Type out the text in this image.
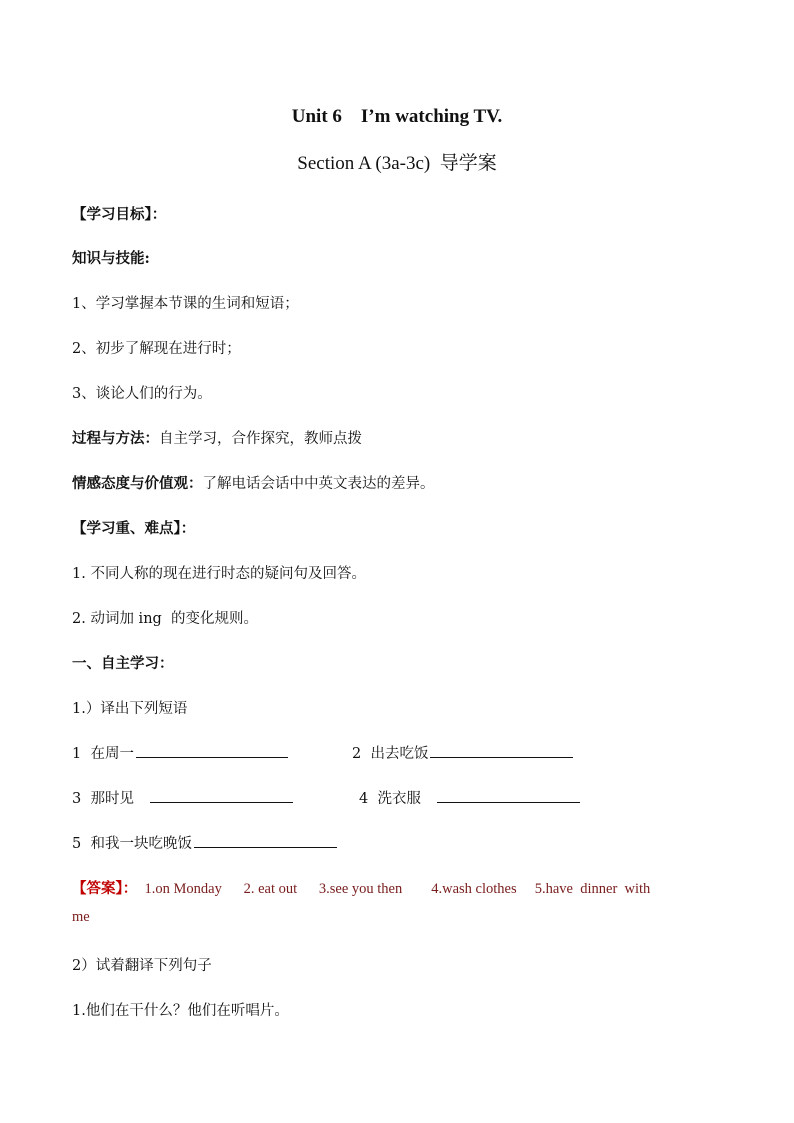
Unit 6    I’m watching TV.
Section A (3a-3c)  导学案
【学习目标】：
知识与技能:
1、学习掌握本节课的生词和短语；
2、初步了解现在进行时；
3、谈论人们的行为。
过程与方法：自主学习，合作探究，教师点拨
情感态度与价值观：了解电话会话中中英文表达的差异。
【学习重、难点】：
1. 不同人称的现在进行时态的疑问句及回答。
2. 动词加 ing  的变化规则。
一、自主学习：
1.）译出下列短语
1  在周一	2  出去吃饭
3  那时见	4  洗衣服
5  和我一块吃晚饭
【答案】：  1.on Monday      2. eat out      3.see you then        4.wash clothes     5.have  dinner  with
me
2）试着翻译下列句子
1.他们在干什么？他们在听唱片。
